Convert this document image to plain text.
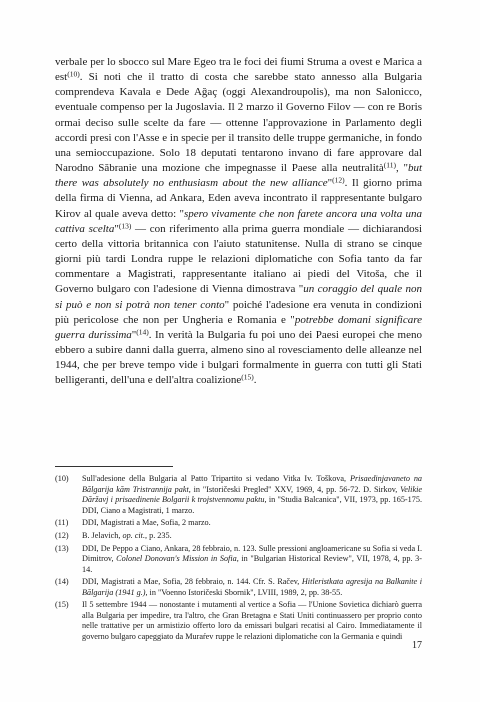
verbale per lo sbocco sul Mare Egeo tra le foci dei fiumi Struma a ovest e Marica a est$^{(10)}$. Si noti che il tratto di costa che sarebbe stato annesso alla Bulgaria comprendeva Kavala e Dede Ağaç (oggi Alexandroupolis), ma non Salonicco, eventuale compenso per la Jugoslavia. Il 2 marzo il Governo Filov — con re Boris ormai deciso sulle scelte da fare — ottenne l'approvazione in Parlamento degli accordi presi con l'Asse e in specie per il transito delle truppe germaniche, in fondo una semioccupazione. Solo 18 deputati tentarono invano di fare approvare dal Narodno Săbranie una mozione che impegnasse il Paese alla neutralità$^{(11)}$, "but there was absolutely no enthusiasm about the new alliance"$^{(12)}$. Il giorno prima della firma di Vienna, ad Ankara, Eden aveva incontrato il rappresentante bulgaro Kirov al quale aveva detto: "spero vivamente che non farete ancora una volta una cattiva scelta"$^{(13)}$ — con riferimento alla prima guerra mondiale — dichiarandosi certo della vittoria britannica con l'aiuto statunitense. Nulla di strano se cinque giorni più tardi Londra ruppe le relazioni diplomatiche con Sofia tanto da far commentare a Magistrati, rappresentante italiano ai piedi del Vitoša, che il Governo bulgaro con l'adesione di Vienna dimostrava "un coraggio del quale non si può e non si potrà non tener conto" poiché l'adesione era venuta in condizioni più pericolose che non per Ungheria e Romania e "potrebbe domani significare guerra durissima"$^{(14)}$. In verità la Bulgaria fu poi uno dei Paesi europei che meno ebbero a subire danni dalla guerra, almeno sino al rovesciamento delle alleanze nel 1944, che per breve tempo vide i bulgari formalmente in guerra con tutti gli Stati belligeranti, dell'una e dell'altra coalizione$^{(15)}$.

(10)	Sull'adesione della Bulgaria al Patto Tripartito si vedano Vitka Iv. Toškova, Prisaedinjavaneto na Bălgarija kăm Tristrannija pakt, in "Istoričeski Pregled" XXV, 1969, 4, pp. 56-72. D. Sirkov, Velikie Dăržavj i prisaedinenie Bolgarii k trojstvennomu paktu, in "Studia Balcanica", VII, 1973, pp. 165-175. DDI, Ciano a Magistrati, 1 marzo.
(11)	DDI, Magistrati a Mae, Sofia, 2 marzo.
(12)	B. Jelavich, op. cit., p. 235.
(13)	DDI, De Peppo a Ciano, Ankara, 28 febbraio, n. 123. Sulle pressioni angloamericane su Sofia si veda I. Dimitrov, Colonel Donovan's Mission in Sofia, in "Bulgarian Historical Review", VII, 1978, 4, pp. 3-14.
(14)	DDI, Magistrati a Mae, Sofia, 28 febbraio, n. 144. Cfr. S. Račev, Hitleristkata agresija na Balkanite i Bălgarija (1941 g.), in "Voenno Istoričeski Sbornik", LVIII, 1989, 2, pp. 38-55.
(15)	Il 5 settembre 1944 — nonostante i mutamenti al vertice a Sofia — l'Unione Sovietica dichiarò guerra alla Bulgaria per impedire, tra l'altro, che Gran Bretagna e Stati Uniti continuassero per proprio conto nelle trattative per un armistizio offerto loro da emissari bulgari recatisi al Cairo. Immediatamente il governo bulgaro capeggiato da Muraŕev ruppe le relazioni diplomatiche con la Germania e quindi
17
